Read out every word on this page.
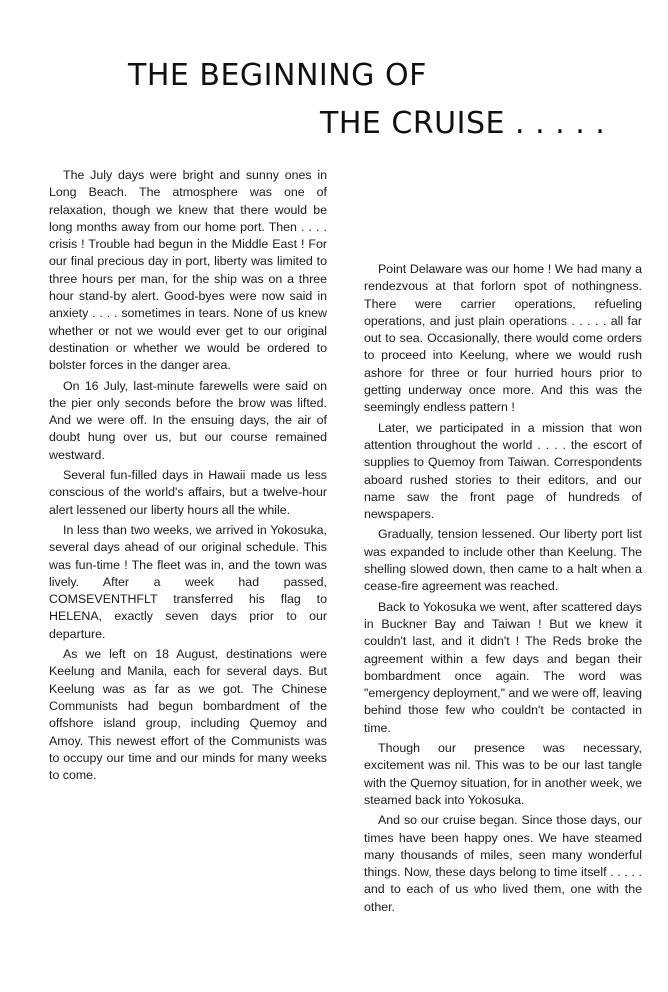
THE BEGINNING OF
THE CRUISE . . . . .

The July days were bright and sunny ones in Long Beach. The atmosphere was one of relaxation, though we knew that there would be long months away from our home port. Then . . . . crisis ! Trouble had begun in the Middle East ! For our final precious day in port, liberty was limited to three hours per man, for the ship was on a three hour stand-by alert. Good-byes were now said in anxiety . . . . sometimes in tears. None of us knew whether or not we would ever get to our original destination or whether we would be ordered to bolster forces in the danger area.

On 16 July, last-minute farewells were said on the pier only seconds before the brow was lifted. And we were off. In the ensuing days, the air of doubt hung over us, but our course remained westward.

Several fun-filled days in Hawaii made us less conscious of the world's affairs, but a twelve-hour alert lessened our liberty hours all the while.

In less than two weeks, we arrived in Yokosuka, several days ahead of our original schedule. This was fun-time ! The fleet was in, and the town was lively. After a week had passed, COMSEVENTHFLT transferred his flag to HELENA, exactly seven days prior to our departure.

As we left on 18 August, destinations were Keelung and Manila, each for several days. But Keelung was as far as we got. The Chinese Communists had begun bombardment of the offshore island group, including Quemoy and Amoy. This newest effort of the Communists was to occupy our time and our minds for many weeks to come.

Point Delaware was our home ! We had many a rendezvous at that forlorn spot of nothingness. There were carrier operations, refueling operations, and just plain operations . . . . . all far out to sea. Occasionally, there would come orders to proceed into Keelung, where we would rush ashore for three or four hurried hours prior to getting underway once more. And this was the seemingly endless pattern !

Later, we participated in a mission that won attention throughout the world . . . . the escort of supplies to Quemoy from Taiwan. Correspondents aboard rushed stories to their editors, and our name saw the front page of hundreds of newspapers.

Gradually, tension lessened. Our liberty port list was expanded to include other than Keelung. The shelling slowed down, then came to a halt when a cease-fire agreement was reached.

Back to Yokosuka we went, after scattered days in Buckner Bay and Taiwan ! But we knew it couldn't last, and it didn't ! The Reds broke the agreement within a few days and began their bombardment once again. The word was "emergency deployment," and we were off, leaving behind those few who couldn't be contacted in time.

Though our presence was necessary, excitement was nil. This was to be our last tangle with the Quemoy situation, for in another week, we steamed back into Yokosuka.

And so our cruise began. Since those days, our times have been happy ones. We have steamed many thousands of miles, seen many wonderful things. Now, these days belong to time itself . . . . . and to each of us who lived them, one with the other.
